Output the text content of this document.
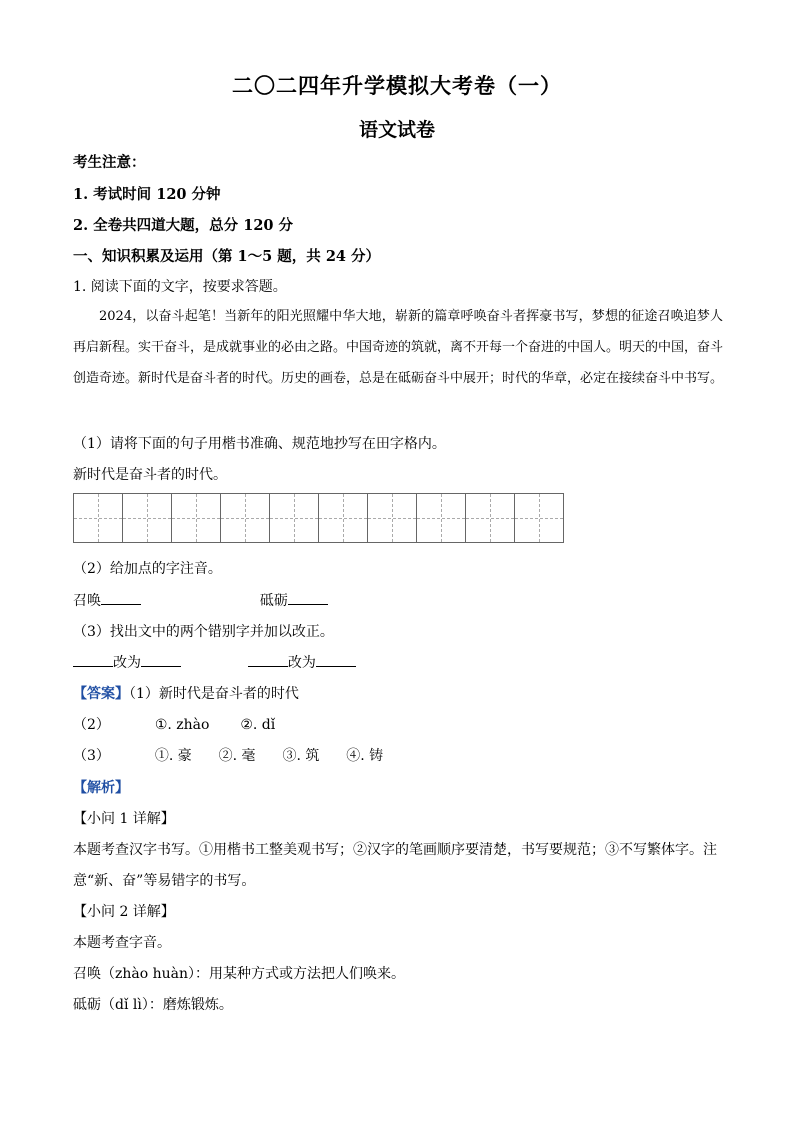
二〇二四年升学模拟大考卷（一）
语文试卷
考生注意：
1. 考试时间 120 分钟
2. 全卷共四道大题，总分 120 分
一、知识积累及运用（第 1～5 题，共 24 分）
1. 阅读下面的文字，按要求答题。

2024，以奋斗起笔！当新年的阳光照耀中华大地，崭新的篇章呼唤奋斗者挥豪书写，梦想的征途召唤追梦人再启新程。实干奋斗，是成就事业的必由之路。中国奇迹的筑就，离不开每一个奋进的中国人。明天的中国，奋斗创造奇迹。新时代是奋斗者的时代。历史的画卷，总是在砥砺奋斗中展开；时代的华章，必定在接续奋斗中书写。

（1）请将下面的句子用楷书准确、规范地抄写在田字格内。
新时代是奋斗者的时代。
（2）给加点的字注音。
召唤	砥砺
（3）找出文中的两个错别字并加以改正。
改为	改为
【答案】（1）新时代是奋斗者的时代
（2）	①. zhào ②. dǐ
（3）	①. 豪 ②. 毫 ③. 筑 ④. 铸
【解析】
【小问 1 详解】
本题考查汉字书写。①用楷书工整美观书写；②汉字的笔画顺序要清楚，书写要规范；③不写繁体字。注
意“新、奋”等易错字的书写。
【小问 2 详解】
本题考查字音。
召唤（zhào huàn）：用某种方式或方法把人们唤来。
砥砺（dǐ lì）：磨炼锻炼。
